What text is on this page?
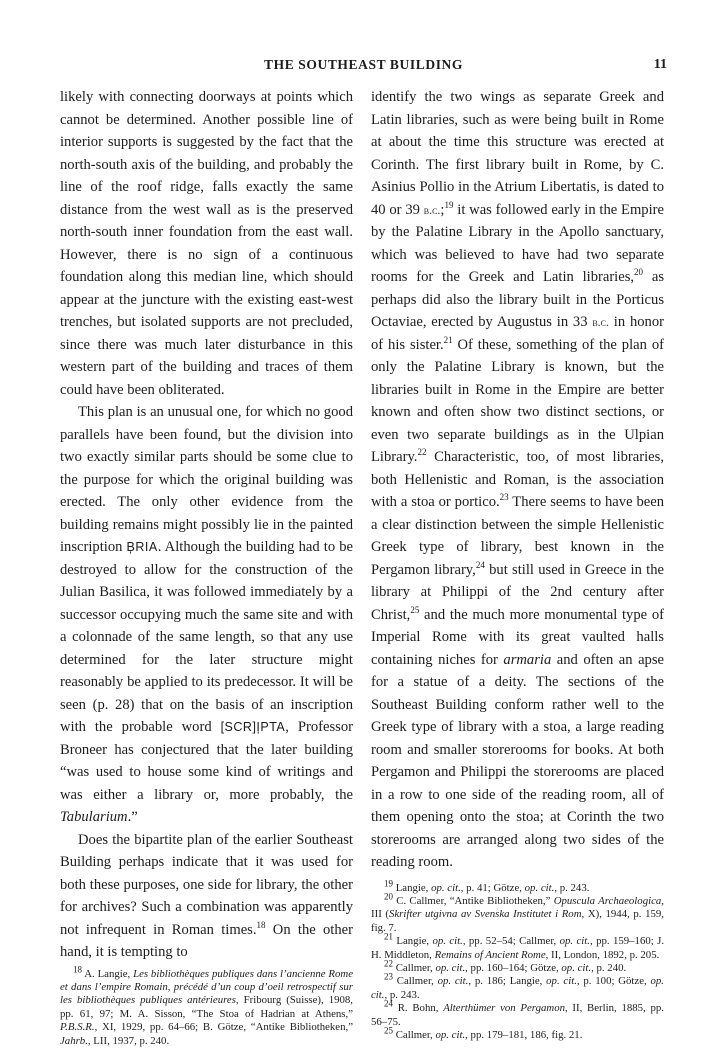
THE SOUTHEAST BUILDING	11

likely with connecting doorways at points which cannot be determined. Another possible line of interior supports is suggested by the fact that the north-south axis of the building, and probably the line of the roof ridge, falls exactly the same distance from the west wall as is the preserved north-south inner foundation from the east wall. However, there is no sign of a continuous foundation along this median line, which should appear at the juncture with the existing east-west trenches, but isolated supports are not precluded, since there was much later disturbance in this western part of the building and traces of them could have been obliterated.

This plan is an unusual one, for which no good parallels have been found, but the division into two exactly similar parts should be some clue to the purpose for which the original building was erected. The only other evidence from the building remains might possibly lie in the painted inscription B̦RIA. Although the building had to be destroyed to allow for the construction of the Julian Basilica, it was followed immediately by a successor occupying much the same site and with a colonnade of the same length, so that any use determined for the later structure might reasonably be applied to its predecessor. It will be seen (p. 28) that on the basis of an inscription with the probable word [SCR]I̦PTA, Professor Broneer has conjectured that the later building “was used to house some kind of writings and was either a library or, more probably, the Tabularium.”

Does the bipartite plan of the earlier Southeast Building perhaps indicate that it was used for both these purposes, one side for library, the other for archives? Such a combination was apparently not infrequent in Roman times.$^{18}$ On the other hand, it is tempting to

$^{18}$ A. Langie, Les bibliothèques publiques dans l’ancienne Rome et dans l’empire Romain, précédé d’un coup d’oeil retrospectif sur les bibliothèques publiques antérieures, Fribourg (Suisse), 1908, pp. 61, 97; M. A. Sisson, “The Stoa of Hadrian at Athens,” P.B.S.R., XI, 1929, pp. 64–66; B. Götze, “Antike Bibliotheken,” Jahrb., LII, 1937, p. 240.

identify the two wings as separate Greek and Latin libraries, such as were being built in Rome at about the time this structure was erected at Corinth. The first library built in Rome, by C. Asinius Pollio in the Atrium Libertatis, is dated to 40 or 39 b.c.;$^{19}$ it was followed early in the Empire by the Palatine Library in the Apollo sanctuary, which was believed to have had two separate rooms for the Greek and Latin libraries,$^{20}$ as perhaps did also the library built in the Porticus Octaviae, erected by Augustus in 33 b.c. in honor of his sister.$^{21}$ Of these, something of the plan of only the Palatine Library is known, but the libraries built in Rome in the Empire are better known and often show two distinct sections, or even two separate buildings as in the Ulpian Library.$^{22}$ Characteristic, too, of most libraries, both Hellenistic and Roman, is the association with a stoa or portico.$^{23}$ There seems to have been a clear distinction between the simple Hellenistic Greek type of library, best known in the Pergamon library,$^{24}$ but still used in Greece in the library at Philippi of the 2nd century after Christ,$^{25}$ and the much more monumental type of Imperial Rome with its great vaulted halls containing niches for armaria and often an apse for a statue of a deity. The sections of the Southeast Building conform rather well to the Greek type of library with a stoa, a large reading room and smaller storerooms for books. At both Pergamon and Philippi the storerooms are placed in a row to one side of the reading room, all of them opening onto the stoa; at Corinth the two storerooms are arranged along two sides of the reading room.

$^{19}$ Langie, op. cit., p. 41; Götze, op. cit., p. 243.

$^{20}$ C. Callmer, “Antike Bibliotheken,” Opuscula Archaeologica, III (Skrifter utgivna av Svenska Institutet i Rom, X), 1944, p. 159, fig. 7.

$^{21}$ Langie, op. cit., pp. 52–54; Callmer, op. cit., pp. 159–160; J. H. Middleton, Remains of Ancient Rome, II, London, 1892, p. 205.

$^{22}$ Callmer, op. cit., pp. 160–164; Götze, op. cit., p. 240.

$^{23}$ Callmer, op. cit., p. 186; Langie, op. cit., p. 100; Götze, op. cit., p. 243.

$^{24}$ R. Bohn, Alterthümer von Pergamon, II, Berlin, 1885, pp. 56–75.

$^{25}$ Callmer, op. cit., pp. 179–181, 186, fig. 21.
